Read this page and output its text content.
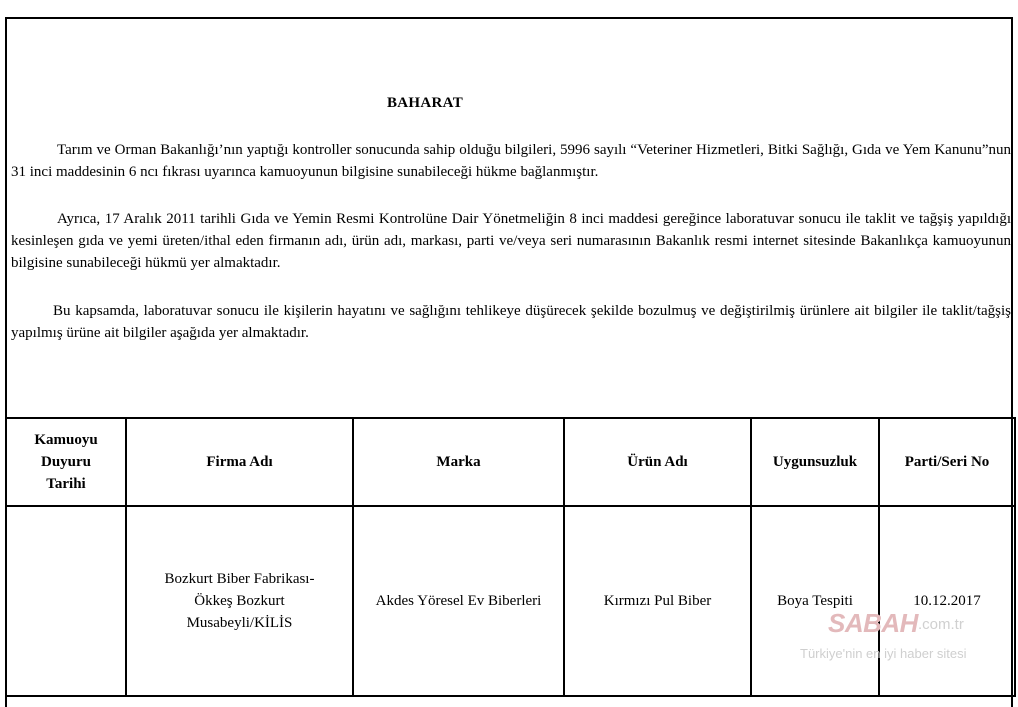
BAHARAT
Tarım ve Orman Bakanlığı’nın yaptığı kontroller sonucunda sahip olduğu bilgileri, 5996 sayılı “Veteriner Hizmetleri, Bitki Sağlığı, Gıda ve Yem Kanunu”nun 31 inci maddesinin 6 ncı fıkrası uyarınca kamuoyunun bilgisine sunabileceği hükme bağlanmıştır.
Ayrıca, 17 Aralık 2011 tarihli Gıda ve Yemin Resmi Kontrolüne Dair Yönetmeliğin 8 inci maddesi gereğince laboratuvar sonucu ile taklit ve tağşiş yapıldığı kesinleşen gıda ve yemi üreten/ithal eden firmanın adı, ürün adı, markası, parti ve/veya seri numarasının Bakanlık resmi internet sitesinde Bakanlıkça kamuoyunun bilgisine sunabileceği hükmü yer almaktadır.
Bu kapsamda, laboratuvar sonucu ile kişilerin hayatını ve sağlığını tehlikeye düşürecek şekilde bozulmuş ve değiştirilmiş ürünlere ait bilgiler ile taklit/tağşiş yapılmış ürüne ait bilgiler aşağıda yer almaktadır.
Kamuoyu Duyuru Tarihi	Firma Adı	Marka	Ürün Adı	Uygunsuzluk	Parti/Seri No
	Bozkurt Biber Fabrikası-Ökkeş Bozkurt Musabeyli/KİLİS	Akdes Yöresel Ev Biberleri	Kırmızı Pul Biber	Boya Tespiti	10.12.2017
SABAH .com.tr
Türkiye'nin en iyi haber sitesi
